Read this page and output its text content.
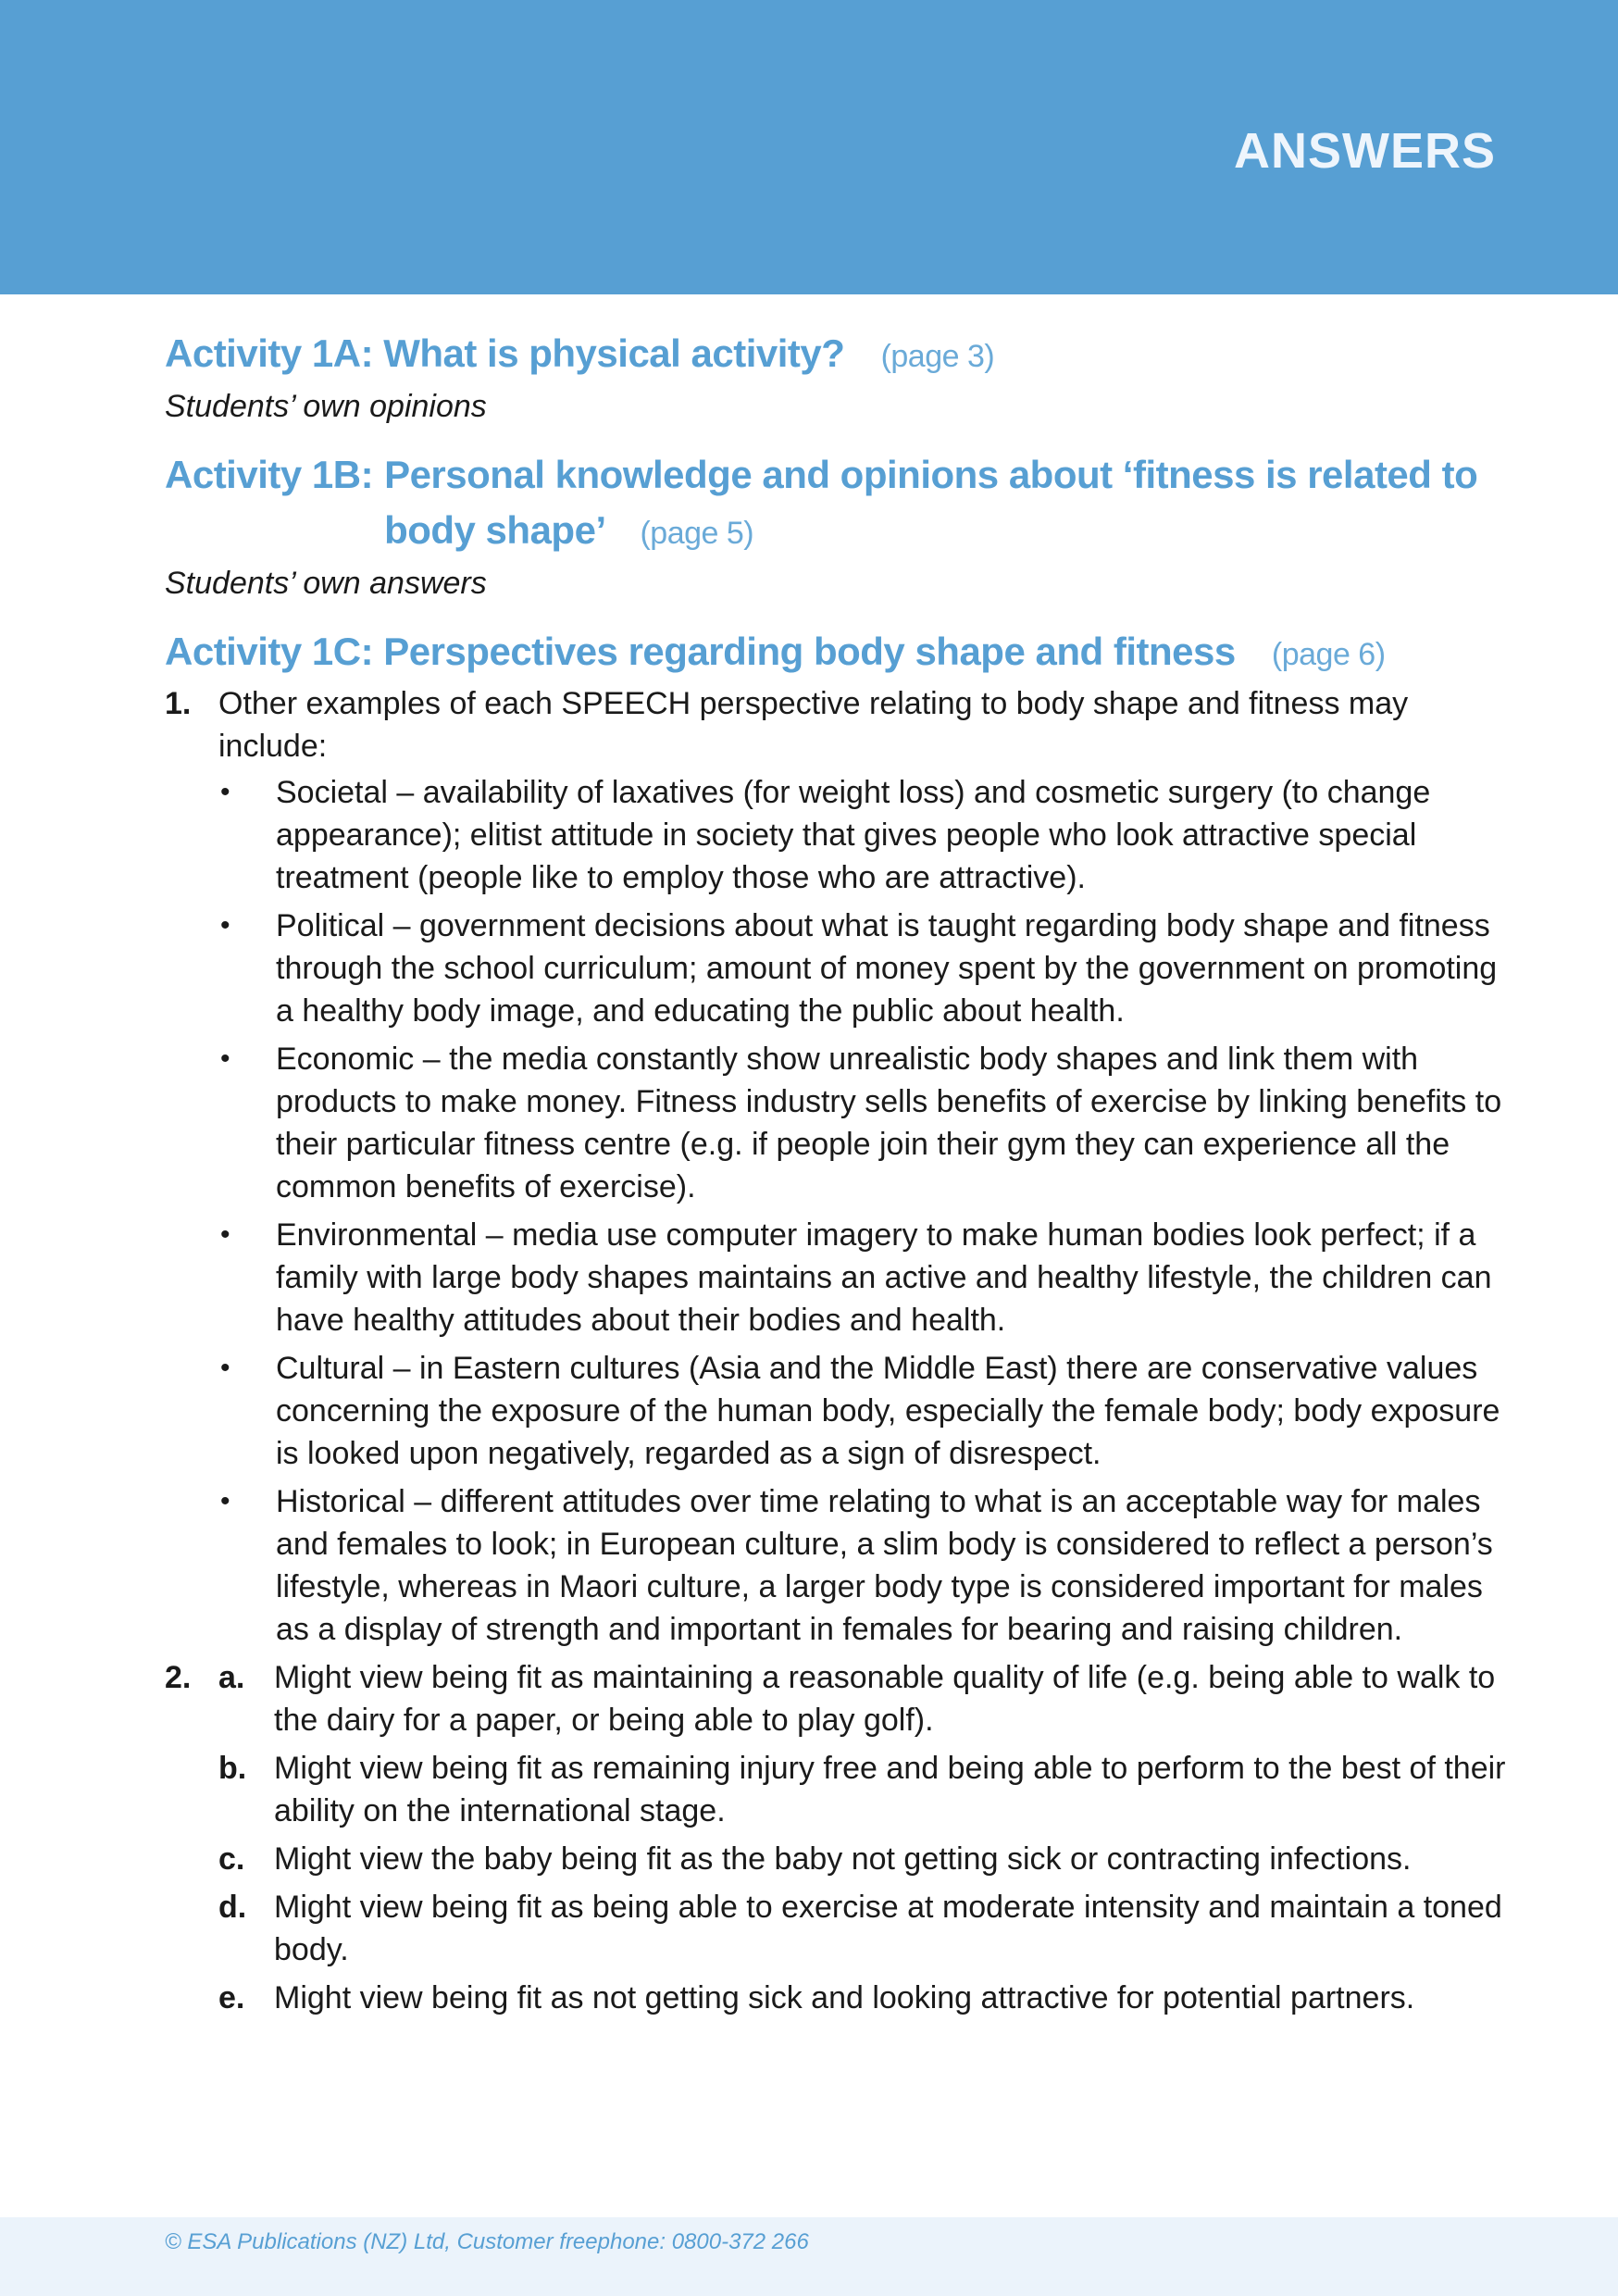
ANSWERS
Activity 1A: What is physical activity? (page 3)
Students’ own opinions
Activity 1B: Personal knowledge and opinions about ‘fitness is related to
body shape’ (page 5)
Students’ own answers
Activity 1C: Perspectives regarding body shape and fitness (page 6)
1. Other examples of each SPEECH perspective relating to body shape and fitness may include:
•	Societal – availability of laxatives (for weight loss) and cosmetic surgery (to change appearance); elitist attitude in society that gives people who look attractive special treatment (people like to employ those who are attractive).
•	Political – government decisions about what is taught regarding body shape and fitness through the school curriculum; amount of money spent by the government on promoting a healthy body image, and educating the public about health.
•	Economic – the media constantly show unrealistic body shapes and link them with products to make money. Fitness industry sells benefits of exercise by linking benefits to their particular fitness centre (e.g. if people join their gym they can experience all the common benefits of exercise).
•	Environmental – media use computer imagery to make human bodies look perfect; if a family with large body shapes maintains an active and healthy lifestyle, the children can have healthy attitudes about their bodies and health.
•	Cultural – in Eastern cultures (Asia and the Middle East) there are conservative values concerning the exposure of the human body, especially the female body; body exposure is looked upon negatively, regarded as a sign of disrespect.
•	Historical – different attitudes over time relating to what is an acceptable way for males and females to look; in European culture, a slim body is considered to reflect a person’s lifestyle, whereas in Maori culture, a larger body type is considered important for males as a display of strength and important in females for bearing and raising children.
2. a. Might view being fit as maintaining a reasonable quality of life (e.g. being able to walk to the dairy for a paper, or being able to play golf).
b. Might view being fit as remaining injury free and being able to perform to the best of their ability on the international stage.
c. Might view the baby being fit as the baby not getting sick or contracting infections.
d. Might view being fit as being able to exercise at moderate intensity and maintain a toned body.
e. Might view being fit as not getting sick and looking attractive for potential partners.
© ESA Publications (NZ) Ltd, Customer freephone: 0800-372 266
